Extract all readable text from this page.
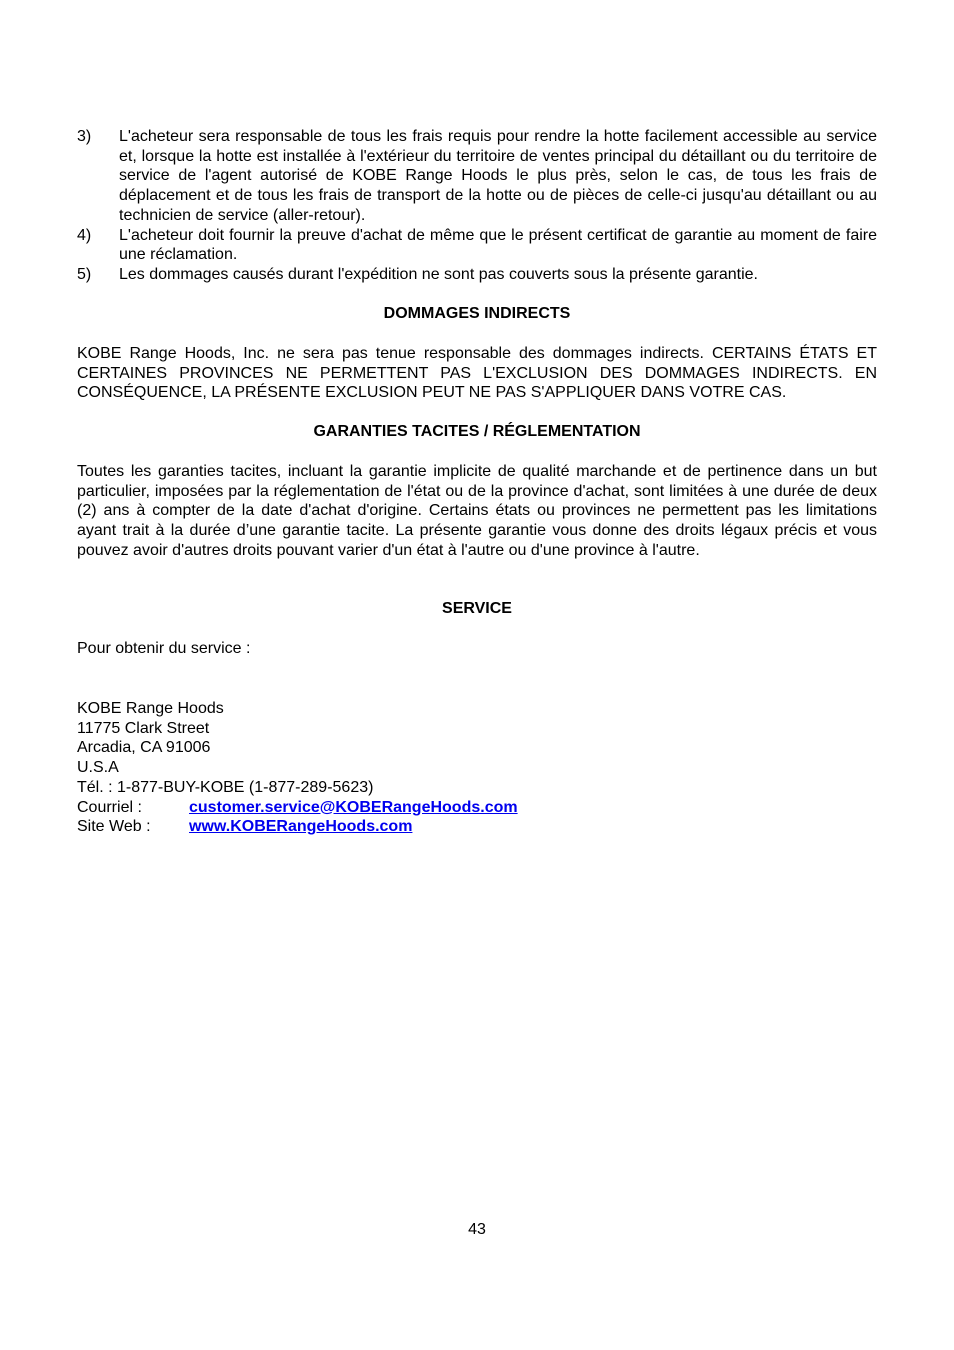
3)	L'acheteur sera responsable de tous les frais requis pour rendre la hotte facilement accessible au service et, lorsque la hotte est installée à l'extérieur du territoire de ventes principal du détaillant ou du territoire de service de l'agent autorisé de KOBE Range Hoods le plus près, selon le cas, de tous les frais de déplacement et de tous les frais de transport de la hotte ou de pièces de celle-ci jusqu'au détaillant ou au technicien de service (aller-retour).
4)	L'acheteur doit fournir la preuve d'achat de même que le présent certificat de garantie au moment de faire une réclamation.
5)	Les dommages causés durant l'expédition ne sont pas couverts sous la présente garantie.
DOMMAGES INDIRECTS
KOBE Range Hoods, Inc. ne sera pas tenue responsable des dommages indirects. CERTAINS ÉTATS ET CERTAINES PROVINCES NE PERMETTENT PAS L'EXCLUSION DES DOMMAGES INDIRECTS. EN CONSÉQUENCE, LA PRÉSENTE EXCLUSION PEUT NE PAS S'APPLIQUER DANS VOTRE CAS.
GARANTIES TACITES / RÉGLEMENTATION
Toutes les garanties tacites, incluant la garantie implicite de qualité marchande et de pertinence dans un but particulier, imposées par la réglementation de l'état ou de la province d'achat, sont limitées à une durée de deux (2) ans à compter de la date d'achat d'origine. Certains états ou provinces ne permettent pas les limitations ayant trait à la durée d’une garantie tacite. La présente garantie vous donne des droits légaux précis et vous pouvez avoir d'autres droits pouvant varier d'un état à l'autre ou d'une province à l'autre.
SERVICE
Pour obtenir du service :
KOBE Range Hoods
11775 Clark Street
Arcadia, CA 91006
U.S.A
Tél. : 1-877-BUY-KOBE (1-877-289-5623)
Courriel :	customer.service@KOBERangeHoods.com
Site Web :	www.KOBERangeHoods.com
43
